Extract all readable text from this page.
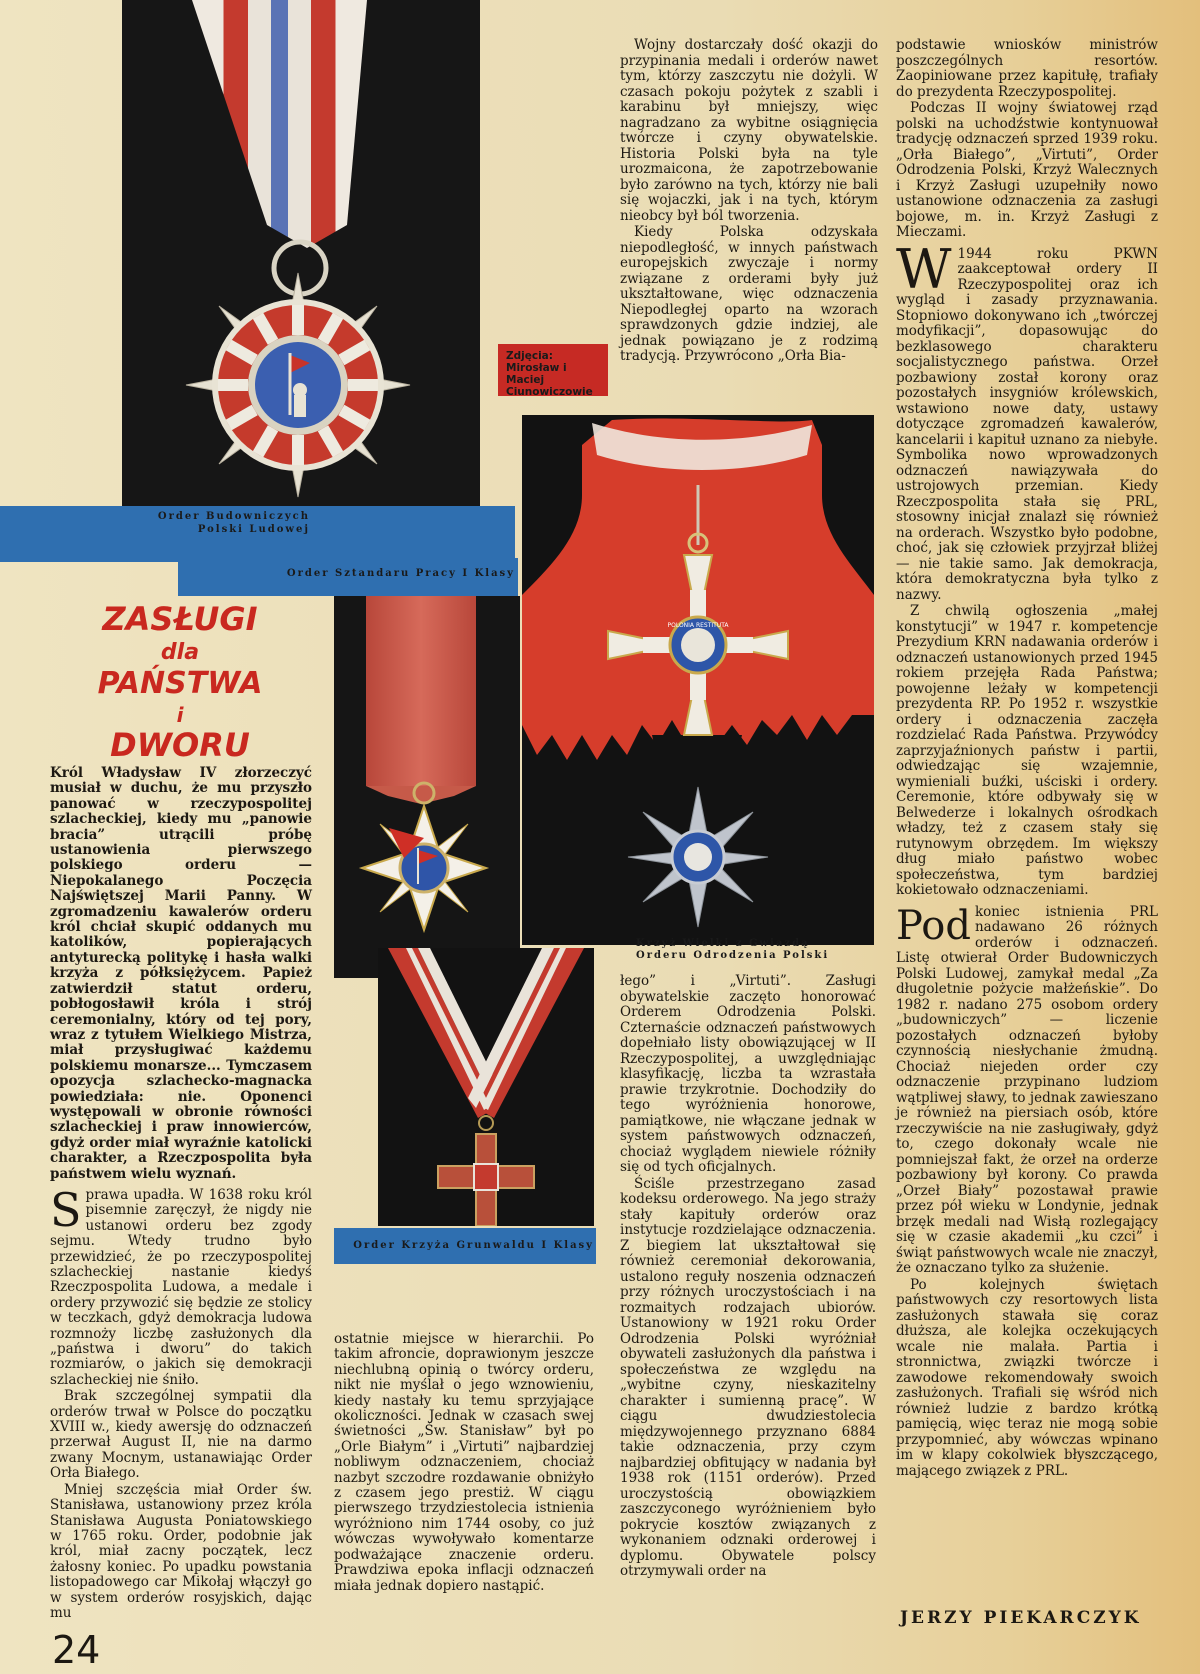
POLONIA RESTITUTA
Order Budowniczych Polski Ludowej
Order Sztandaru Pracy I Klasy
Order Krzyża Grunwaldu I Klasy
Krzyż Wielki z Gwiazdą Orderu Odrodzenia Polski
Zdjęcia: Mirosław i Maciej Ciunowiczowie
ZASŁUGI
dla
PAŃSTWA
i
DWORU

Król Władysław IV złorzeczyć musiał w duchu, że mu przyszło panować w rzeczypospolitej szlacheckiej, kiedy mu „panowie bracia” utrącili próbę ustanowienia pierwszego polskiego orderu — Niepokalanego Poczęcia Najświętszej Marii Panny. W zgromadzeniu kawalerów orderu król chciał skupić oddanych mu katolików, popierających antyturecką politykę i hasła walki krzyża z półksiężycem. Papież zatwierdził statut orderu, pobłogosławił króla i strój ceremonialny, który od tej pory, wraz z tytułem Wielkiego Mistrza, miał przysługiwać każdemu polskiemu monarsze... Tymczasem opozycja szlachecko-magnacka powiedziała: nie. Oponenci występowali w obronie równości szlacheckiej i praw innowierców, gdyż order miał wyraźnie katolicki charakter, a Rzeczpospolita była państwem wielu wyznań.

Sprawa upadła. W 1638 roku król pisemnie zaręczył, że nigdy nie ustanowi orderu bez zgody sejmu. Wtedy trudno było przewidzieć, że po rzeczypospolitej szlacheckiej nastanie kiedyś Rzeczpospolita Ludowa, a medale i ordery przywozić się będzie ze stolicy w teczkach, gdyż demokracja ludowa rozmnoży liczbę zasłużonych dla „państwa i dworu” do takich rozmiarów, o jakich się demokracji szlacheckiej nie śniło.

Brak szczególnej sympatii dla orderów trwał w Polsce do początku XVIII w., kiedy awersję do odznaczeń przerwał August II, nie na darmo zwany Mocnym, ustanawiając Order Orła Białego.

Mniej szczęścia miał Order św. Stanisława, ustanowiony przez króla Stanisława Augusta Poniatowskiego w 1765 roku. Order, podobnie jak król, miał zacny początek, lecz żałosny koniec. Po upadku powstania listopadowego car Mikołaj włączył go w system orderów rosyjskich, dając mu

ostatnie miejsce w hierarchii. Po takim afroncie, doprawionym jeszcze niechlubną opinią o twórcy orderu, nikt nie myślał o jego wznowieniu, kiedy nastały ku temu sprzyjające okoliczności. Jednak w czasach swej świetności „Św. Stanisław” był po „Orle Białym” i „Virtuti” najbardziej nobliwym odznaczeniem, chociaż nazbyt szczodre rozdawanie obniżyło z czasem jego prestiż. W ciągu pierwszego trzydziestolecia istnienia wyróżniono nim 1744 osoby, co już wówczas wywoływało komentarze podważające znaczenie orderu. Prawdziwa epoka inflacji odznaczeń miała jednak dopiero nastąpić.

Wojny dostarczały dość okazji do przypinania medali i orderów nawet tym, którzy zaszczytu nie dożyli. W czasach pokoju pożytek z szabli i karabinu był mniejszy, więc nagradzano za wybitne osiągnięcia twórcze i czyny obywatelskie. Historia Polski była na tyle urozmaicona, że zapotrzebowanie było zarówno na tych, którzy nie bali się wojaczki, jak i na tych, którym nieobcy był ból tworzenia.

Kiedy Polska odzyskała niepodległość, w innych państwach europejskich zwyczaje i normy związane z orderami były już ukształtowane, więc odznaczenia Niepodległej oparto na wzorach sprawdzonych gdzie indziej, ale jednak powiązano je z rodzimą tradycją. Przywrócono „Orła Bia-

łego” i „Virtuti”. Zasługi obywatelskie zaczęto honorować Orderem Odrodzenia Polski. Czternaście odznaczeń państwowych dopełniało listy obowiązującej w II Rzeczypospolitej, a uwzględniając klasyfikację, liczba ta wzrastała prawie trzykrotnie. Dochodziły do tego wyróżnienia honorowe, pamiątkowe, nie włączane jednak w system państwowych odznaczeń, chociaż wyglądem niewiele różniły się od tych oficjalnych.

Ściśle przestrzegano zasad kodeksu orderowego. Na jego straży stały kapituły orderów oraz instytucje rozdzielające odznaczenia. Z biegiem lat ukształtował się również ceremoniał dekorowania, ustalono reguły noszenia odznaczeń przy różnych uroczystościach i na rozmaitych rodzajach ubiorów. Ustanowiony w 1921 roku Order Odrodzenia Polski wyróżniał obywateli zasłużonych dla państwa i społeczeństwa ze względu na „wybitne czyny, nieskazitelny charakter i sumienną pracę”. W ciągu dwudziestolecia międzywojennego przyznano 6884 takie odznaczenia, przy czym najbardziej obfitujący w nadania był 1938 rok (1151 orderów). Przed uroczystością obowiązkiem zaszczyconego wyróżnieniem było pokrycie kosztów związanych z wykonaniem odznaki orderowej i dyplomu. Obywatele polscy otrzymywali order na

podstawie wniosków ministrów poszczególnych resortów. Zaopiniowane przez kapitułę, trafiały do prezydenta Rzeczypospolitej.

Podczas II wojny światowej rząd polski na uchodźstwie kontynuował tradycję odznaczeń sprzed 1939 roku. „Orła Białego”, „Virtuti”, Order Odrodzenia Polski, Krzyż Walecznych i Krzyż Zasługi uzupełniły nowo ustanowione odznaczenia za zasługi bojowe, m. in. Krzyż Zasługi z Mieczami.

W 1944 roku PKWN zaakceptował ordery II Rzeczypospolitej oraz ich wygląd i zasady przyznawania. Stopniowo dokonywano ich „twórczej modyfikacji”, dopasowując do bezklasowego charakteru socjalistycznego państwa. Orzeł pozbawiony został korony oraz pozostałych insygniów królewskich, wstawiono nowe daty, ustawy dotyczące zgromadzeń kawalerów, kancelarii i kapituł uznano za niebyłe. Symbolika nowo wprowadzonych odznaczeń nawiązywała do ustrojowych przemian. Kiedy Rzeczpospolita stała się PRL, stosowny inicjał znalazł się również na orderach. Wszystko było podobne, choć, jak się człowiek przyjrzał bliżej — nie takie samo. Jak demokracja, która demokratyczna była tylko z nazwy.

Z chwilą ogłoszenia „małej konstytucji” w 1947 r. kompetencje Prezydium KRN nadawania orderów i odznaczeń ustanowionych przed 1945 rokiem przejęła Rada Państwa; powojenne leżały w kompetencji prezydenta RP. Po 1952 r. wszystkie ordery i odznaczenia zaczęła rozdzielać Rada Państwa. Przywódcy zaprzyjaźnionych państw i partii, odwiedzając się wzajemnie, wymieniali buźki, uściski i ordery. Ceremonie, które odbywały się w Belwederze i lokalnych ośrodkach władzy, też z czasem stały się rutynowym obrzędem. Im większy dług miało państwo wobec społeczeństwa, tym bardziej kokietowało odznaczeniami.

Pod koniec istnienia PRL nadawano 26 różnych orderów i odznaczeń. Listę otwierał Order Budowniczych Polski Ludowej, zamykał medal „Za długoletnie pożycie małżeńskie”. Do 1982 r. nadano 275 osobom ordery „budowniczych” — liczenie pozostałych odznaczeń byłoby czynnością niesłychanie żmudną. Chociaż niejeden order czy odznaczenie przypinano ludziom wątpliwej sławy, to jednak zawieszano je również na piersiach osób, które rzeczywiście na nie zasługiwały, gdyż to, czego dokonały wcale nie pomniejszał fakt, że orzeł na orderze pozbawiony był korony. Co prawda „Orzeł Biały” pozostawał prawie przez pół wieku w Londynie, jednak brzęk medali nad Wisłą rozlegający się w czasie akademii „ku czci” i świąt państwowych wcale nie znaczył, że oznaczano tylko za służenie.

Po kolejnych świętach państwowych czy resortowych lista zasłużonych stawała się coraz dłuższa, ale kolejka oczekujących wcale nie malała. Partia i stronnictwa, związki twórcze i zawodowe rekomendowały swoich zasłużonych. Trafiali się wśród nich również ludzie z bardzo krótką pamięcią, więc teraz nie mogą sobie przypomnieć, aby wówczas wpinano im w klapy cokolwiek błyszczącego, mającego związek z PRL.

JERZY PIEKARCZYK
24
